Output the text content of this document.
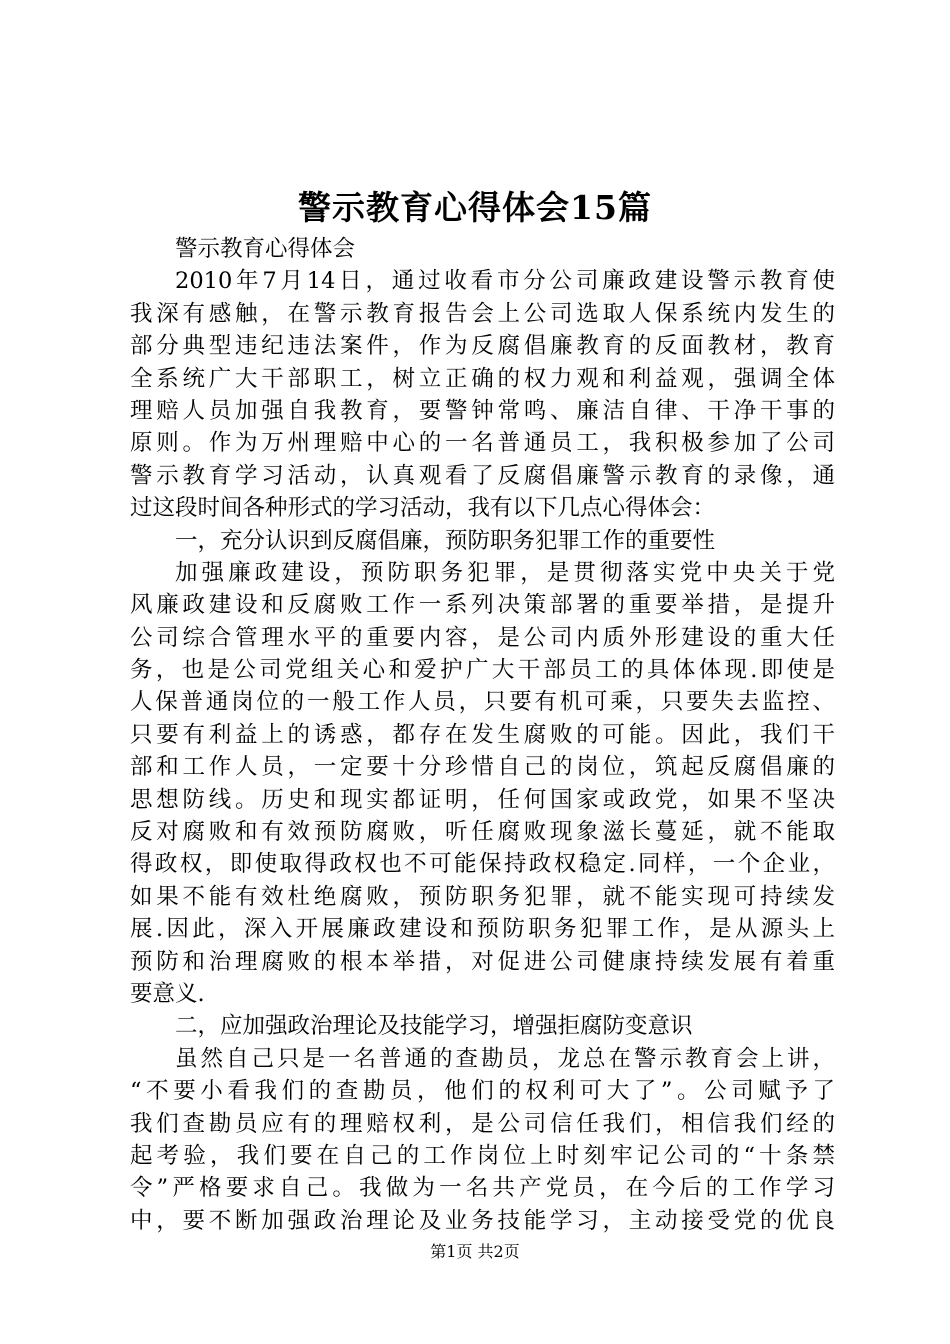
警示教育心得体会15篇
警示教育心得体会
2010年7月14日，通过收看市分公司廉政建设警示教育使
我深有感触，在警示教育报告会上公司选取人保系统内发生的
部分典型违纪违法案件，作为反腐倡廉教育的反面教材，教育
全系统广大干部职工，树立正确的权力观和利益观，强调全体
理赔人员加强自我教育，要警钟常鸣、廉洁自律、干净干事的
原则。作为万州理赔中心的一名普通员工，我积极参加了公司
警示教育学习活动，认真观看了反腐倡廉警示教育的录像，通
过这段时间各种形式的学习活动，我有以下几点心得体会：
一，充分认识到反腐倡廉，预防职务犯罪工作的重要性
加强廉政建设，预防职务犯罪，是贯彻落实党中央关于党
风廉政建设和反腐败工作一系列决策部署的重要举措，是提升
公司综合管理水平的重要内容，是公司内质外形建设的重大任
务，也是公司党组关心和爱护广大干部员工的具体体现.即使是
人保普通岗位的一般工作人员，只要有机可乘，只要失去监控、
只要有利益上的诱惑，都存在发生腐败的可能。因此，我们干
部和工作人员，一定要十分珍惜自己的岗位，筑起反腐倡廉的
思想防线。历史和现实都证明，任何国家或政党，如果不坚决
反对腐败和有效预防腐败，听任腐败现象滋长蔓延，就不能取
得政权，即使取得政权也不可能保持政权稳定.同样，一个企业，
如果不能有效杜绝腐败，预防职务犯罪，就不能实现可持续发
展.因此，深入开展廉政建设和预防职务犯罪工作，是从源头上
预防和治理腐败的根本举措，对促进公司健康持续发展有着重
要意义.
二，应加强政治理论及技能学习，增强拒腐防变意识
虽然自己只是一名普通的查勘员，龙总在警示教育会上讲，
“不要小看我们的查勘员，他们的权利可大了”。公司赋予了
我们查勘员应有的理赔权利，是公司信任我们，相信我们经的
起考验，我们要在自己的工作岗位上时刻牢记公司的“十条禁
令”严格要求自己。我做为一名共产党员，在今后的工作学习
中，要不断加强政治理论及业务技能学习，主动接受党的优良
第1页 共2页
